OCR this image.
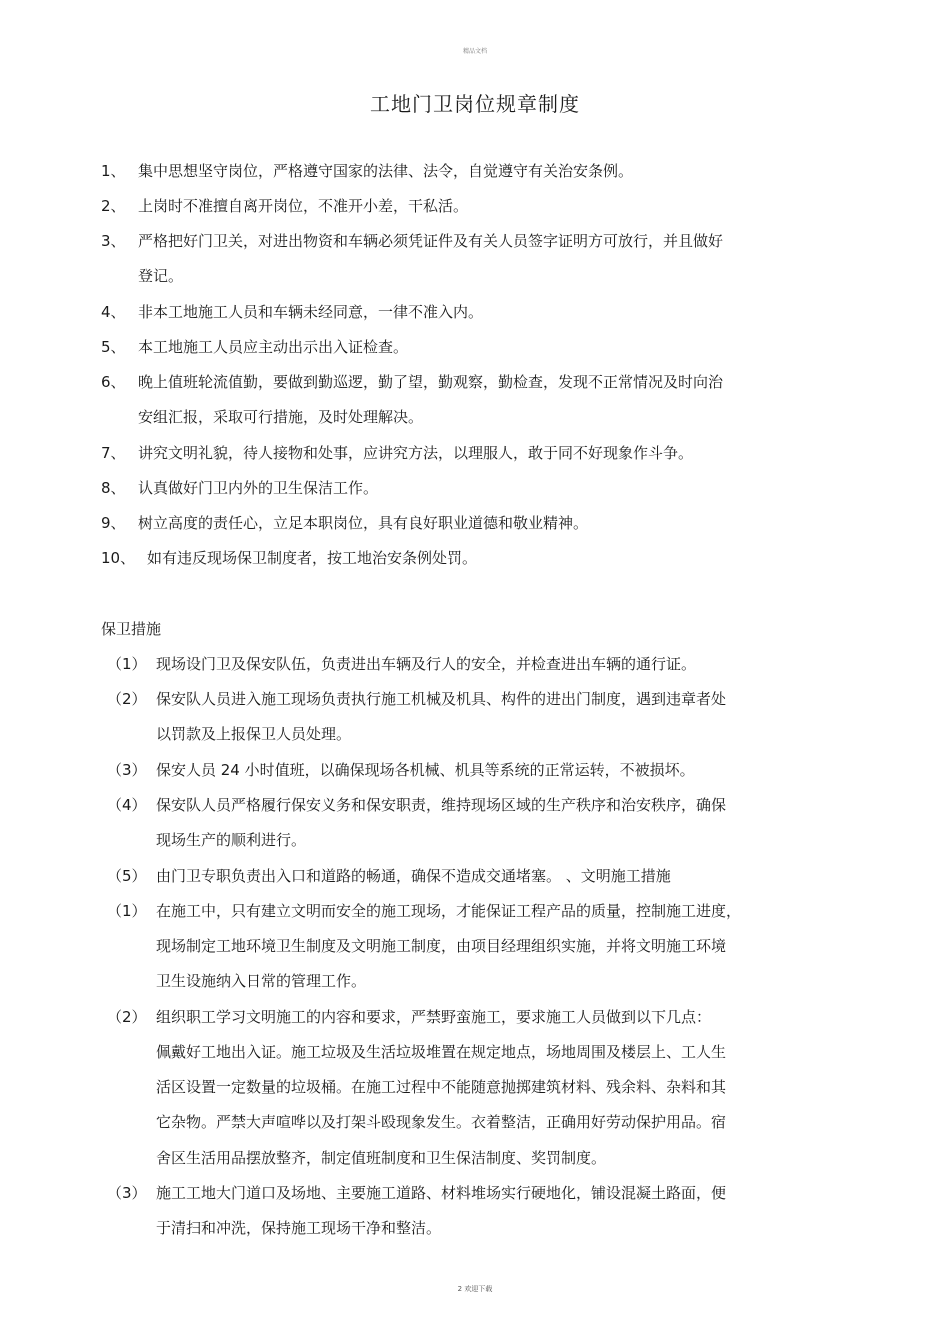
精品文档
工地门卫岗位规章制度
1、 集中思想坚守岗位，严格遵守国家的法律、法令，自觉遵守有关治安条例。
2、 上岗时不准擅自离开岗位，不准开小差，干私活。
3、 严格把好门卫关，对进出物资和车辆必须凭证件及有关人员签字证明方可放行，并且做好
登记。
4、 非本工地施工人员和车辆未经同意，一律不准入内。
5、 本工地施工人员应主动出示出入证检查。
6、 晚上值班轮流值勤，要做到勤巡逻，勤了望，勤观察，勤检查，发现不正常情况及时向治
安组汇报，采取可行措施，及时处理解决。
7、 讲究文明礼貌，待人接物和处事，应讲究方法，以理服人，敢于同不好现象作斗争。
8、 认真做好门卫内外的卫生保洁工作。
9、 树立高度的责任心，立足本职岗位，具有良好职业道德和敬业精神。
10、 如有违反现场保卫制度者，按工地治安条例处罚。
保卫措施
（1） 现场设门卫及保安队伍，负责进出车辆及行人的安全，并检查进出车辆的通行证。
（2） 保安队人员进入施工现场负责执行施工机械及机具、构件的进出门制度，遇到违章者处
以罚款及上报保卫人员处理。
（3） 保安人员 24 小时值班，以确保现场各机械、机具等系统的正常运转，不被损坏。
（4） 保安队人员严格履行保安义务和保安职责，维持现场区域的生产秩序和治安秩序，确保
现场生产的顺利进行。
（5） 由门卫专职负责出入口和道路的畅通，确保不造成交通堵塞。 、文明施工措施
（1） 在施工中，只有建立文明而安全的施工现场，才能保证工程产品的质量，控制施工进度，
现场制定工地环境卫生制度及文明施工制度，由项目经理组织实施，并将文明施工环境
卫生设施纳入日常的管理工作。
（2） 组织职工学习文明施工的内容和要求，严禁野蛮施工，要求施工人员做到以下几点：
佩戴好工地出入证。施工垃圾及生活垃圾堆置在规定地点，场地周围及楼层上、工人生
活区设置一定数量的垃圾桶。在施工过程中不能随意抛掷建筑材料、残余料、杂料和其
它杂物。严禁大声喧哗以及打架斗殴现象发生。衣着整洁，正确用好劳动保护用品。宿
舍区生活用品摆放整齐，制定值班制度和卫生保洁制度、奖罚制度。
（3） 施工工地大门道口及场地、主要施工道路、材料堆场实行硬地化，铺设混凝土路面，便
于清扫和冲洗，保持施工现场干净和整洁。
2 欢迎下载
